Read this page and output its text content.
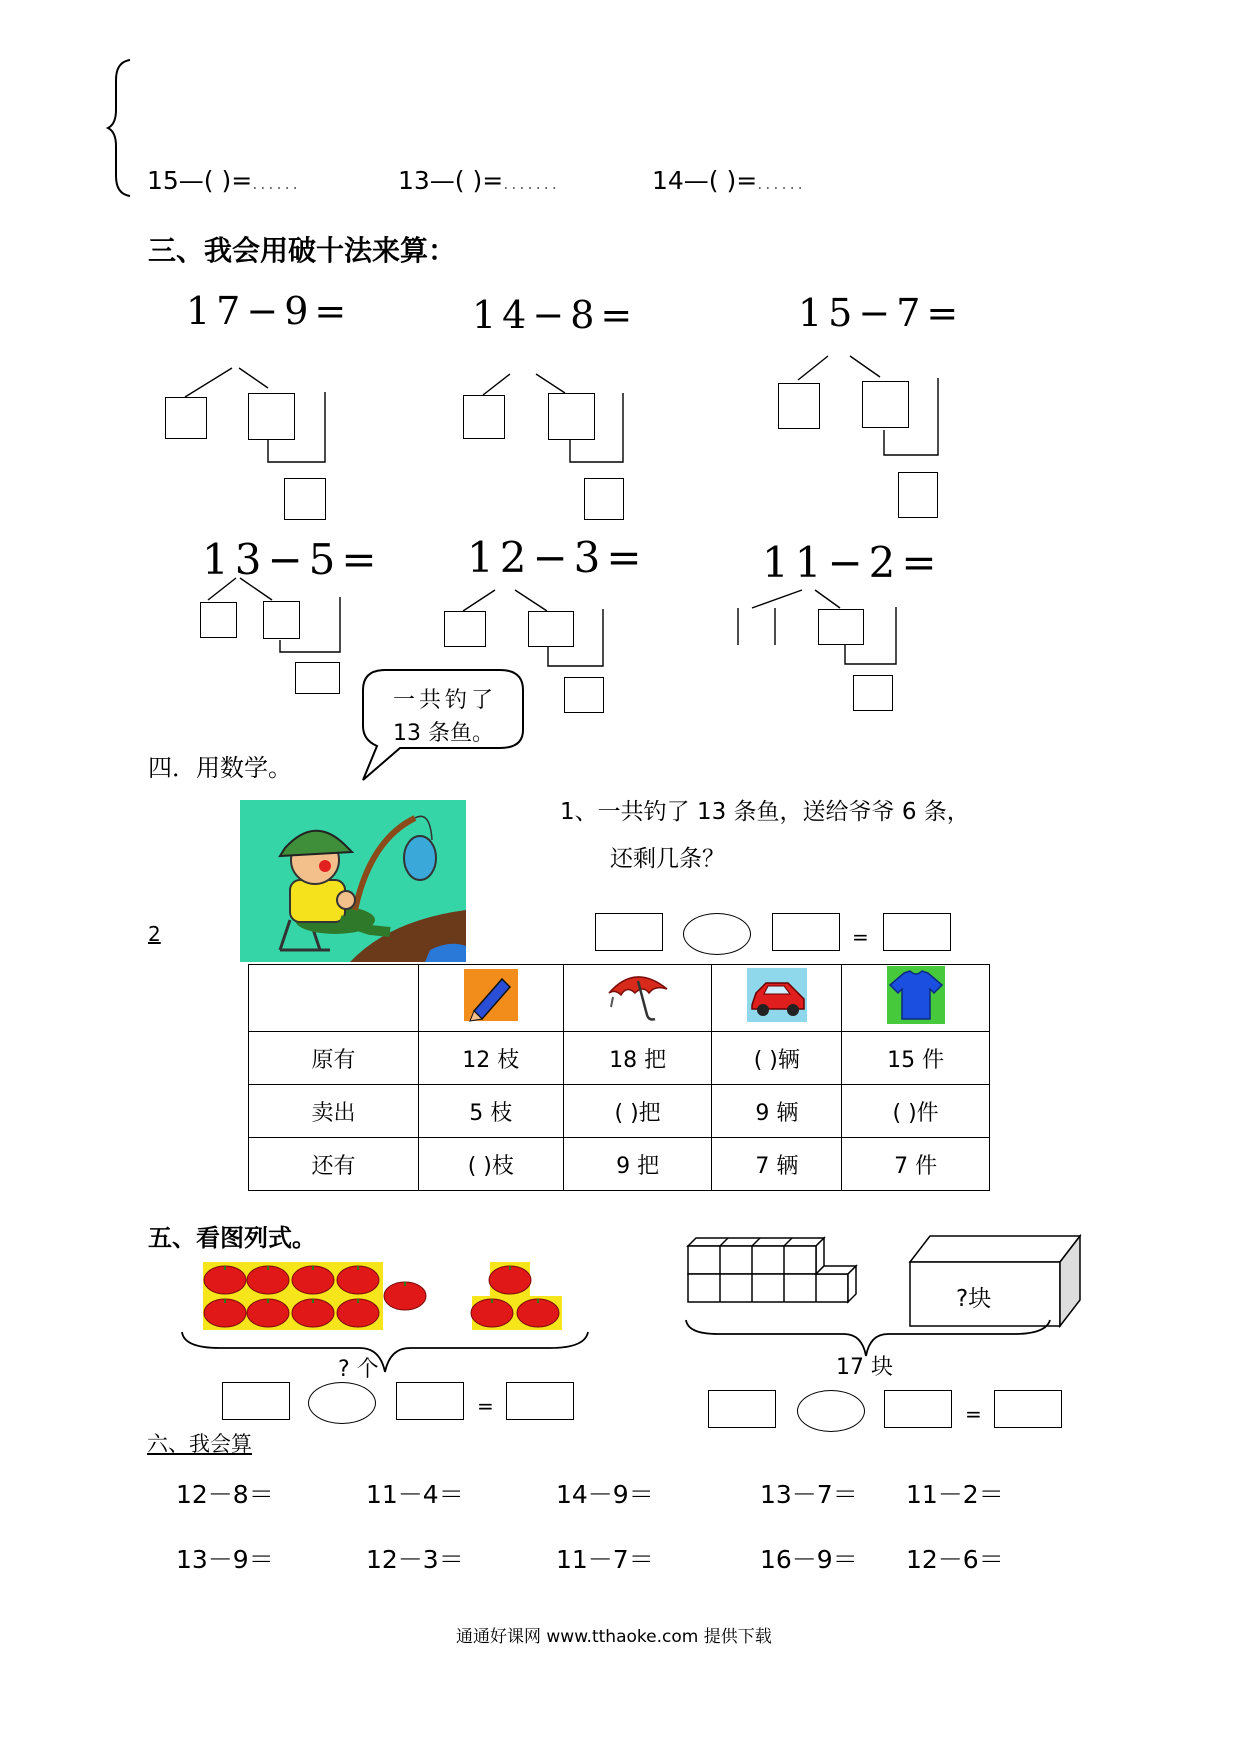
15—( )=......	13—( )=.......	14—( )=......
三、我会用破十法来算：
17−9=	14−8=	15−7=
13−5= 12−3=	11−2=
一共钓了
13 条鱼。
四．用数学。
1、一共钓了 13 条鱼，送给爷爷 6 条，
还剩几条？
2	=

原有	12 枝	18 把	( )辆	15 件
卖出	5 枝	( )把	9 辆	( )件
还有	( )枝	9 把	7 辆	7 件
五、看图列式。
? 个
=
?块
17 块
=
六、我会算
12－8＝	11－4＝	14－9＝	13－7＝ 11－2＝
13－9＝	12－3＝	11－7＝	16－9＝ 12－6＝
通通好课网 www.tthaoke.com 提供下载
